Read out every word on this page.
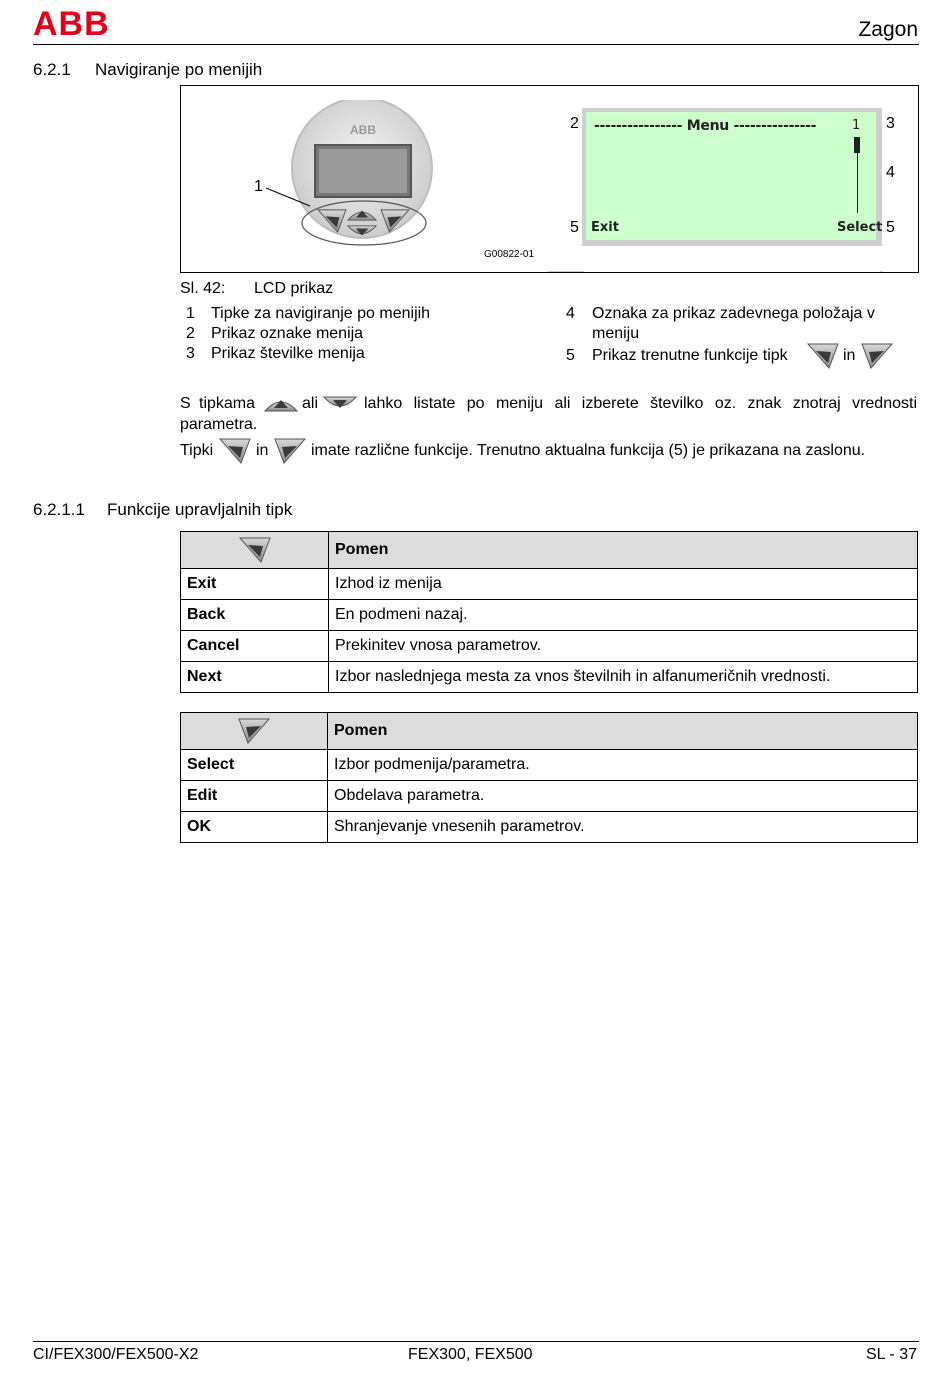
ABB	Zagon
6.2.1 Navigiranje po menijih
ABB
1
---------------- Menu ---------------	1
Exit	Select
2	3
4
5	5
G00822-01
Sl. 42: LCD prikaz
1 Tipke za navigiranje po menijih
2 Prikaz oznake menija
3 Prikaz številke menija
4 Oznaka za prikaz zadevnega položaja v
meniju
5 Prikaz trenutne funkcije tipk	in
S tipkama	ali	lahko listate po meniju ali izberete številko oz. znak znotraj vrednosti
parametra.
Tipki	in	imate različne funkcije. Trenutno aktualna funkcija (5) je prikazana na zaslonu.
6.2.1.1 Funkcije upravljalnih tipk
	Pomen
Exit	Izhod iz menija
Back	En podmeni nazaj.
Cancel	Prekinitev vnosa parametrov.
Next	Izbor naslednjega mesta za vnos številnih in alfanumeričnih vrednosti.
	Pomen
Select	Izbor podmenija/parametra.
Edit	Obdelava parametra.
OK	Shranjevanje vnesenih parametrov.
CI/FEX300/FEX500-X2	FEX300, FEX500	SL - 37
